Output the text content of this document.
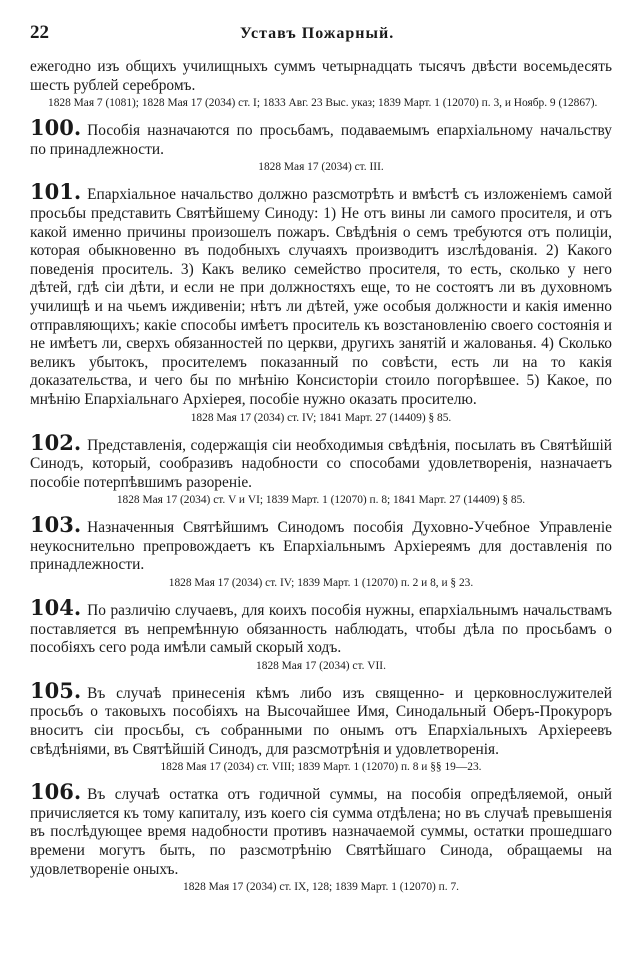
22	Уставъ Пожарный.

ежегодно изъ общихъ училищныхъ суммъ четырнадцать тысячъ двѣсти восемьдесять шесть рублей серебромъ.

1828 Мая 7 (1081); 1828 Мая 17 (2034) ст. I; 1833 Авг. 23 Выс. указ; 1839 Март. 1 (12070) п. 3, и Ноябр. 9 (12867).

100. Пособія назначаются по просьбамъ, подаваемымъ епархіальному начальству по принадлежности.

1828 Мая 17 (2034) ст. III.

101. Епархіальное начальство должно разсмотрѣть и вмѣстѣ съ изложеніемъ самой просьбы представить Святѣйшему Синоду: 1) Не отъ вины ли самого просителя, и отъ какой именно причины произошелъ пожаръ. Свѣдѣнія о семъ требуются отъ полиціи, которая обыкновенно въ подобныхъ случаяхъ производитъ изслѣдованія. 2) Какого поведенія проситель. 3) Какъ велико семейство просителя, то есть, сколько у него дѣтей, гдѣ сіи дѣти, и если не при должностяхъ еще, то не состоятъ ли въ духовномъ училищѣ и на чьемъ иждивеніи; нѣтъ ли дѣтей, уже особыя должности и какія именно отправляющихъ; какіе способы имѣетъ проситель къ возстановленію своего состоянія и не имѣетъ ли, сверхъ обязанностей по церкви, другихъ занятій и жалованья. 4) Сколько великъ убытокъ, просителемъ показанный по совѣсти, есть ли на то какія доказательства, и чего бы по мнѣнію Консисторіи стоило погорѣвшее. 5) Какое, по мнѣнію Епархіальнаго Архіерея, пособіе нужно оказать просителю.

1828 Мая 17 (2034) ст. IV; 1841 Март. 27 (14409) § 85.

102. Представленія, содержащія сіи необходимыя свѣдѣнія, посылать въ Святѣйшій Синодъ, который, сообразивъ надобности со способами удовлетворенія, назначаетъ пособіе потерпѣвшимъ разореніе.

1828 Мая 17 (2034) ст. V и VI; 1839 Март. 1 (12070) п. 8; 1841 Март. 27 (14409) § 85.

103. Назначенныя Святѣйшимъ Синодомъ пособія Духовно-Учебное Управленіе неукоснительно препровождаетъ къ Епархіальнымъ Архіереямъ для доставленія по принадлежности.

1828 Мая 17 (2034) ст. IV; 1839 Март. 1 (12070) п. 2 и 8, и § 23.

104. По различію случаевъ, для коихъ пособія нужны, епархіальнымъ начальствамъ поставляется въ непремѣнную обязанность наблюдать, чтобы дѣла по просьбамъ о пособіяхъ сего рода имѣли самый скорый ходъ.

1828 Мая 17 (2034) ст. VII.

105. Въ случаѣ принесенія кѣмъ либо изъ священно- и церковнослужителей просьбъ о таковыхъ пособіяхъ на Высочайшее Имя, Синодальный Оберъ-Прокуроръ вноситъ сіи просьбы, съ собранными по онымъ отъ Епархіальныхъ Архіереевъ свѣдѣніями, въ Святѣйшій Синодъ, для разсмотрѣнія и удовлетворенія.

1828 Мая 17 (2034) ст. VIII; 1839 Март. 1 (12070) п. 8 и §§ 19—23.

106. Въ случаѣ остатка отъ годичной суммы, на пособія опредѣляемой, оный причисляется къ тому капиталу, изъ коего сія сумма отдѣлена; но въ случаѣ превышенія въ послѣдующее время надобности противъ назначаемой суммы, остатки прошедшаго времени могутъ быть, по разсмотрѣнію Святѣйшаго Синода, обращаемы на удовлетвореніе оныхъ.

1828 Мая 17 (2034) ст. IX, 128; 1839 Март. 1 (12070) п. 7.
